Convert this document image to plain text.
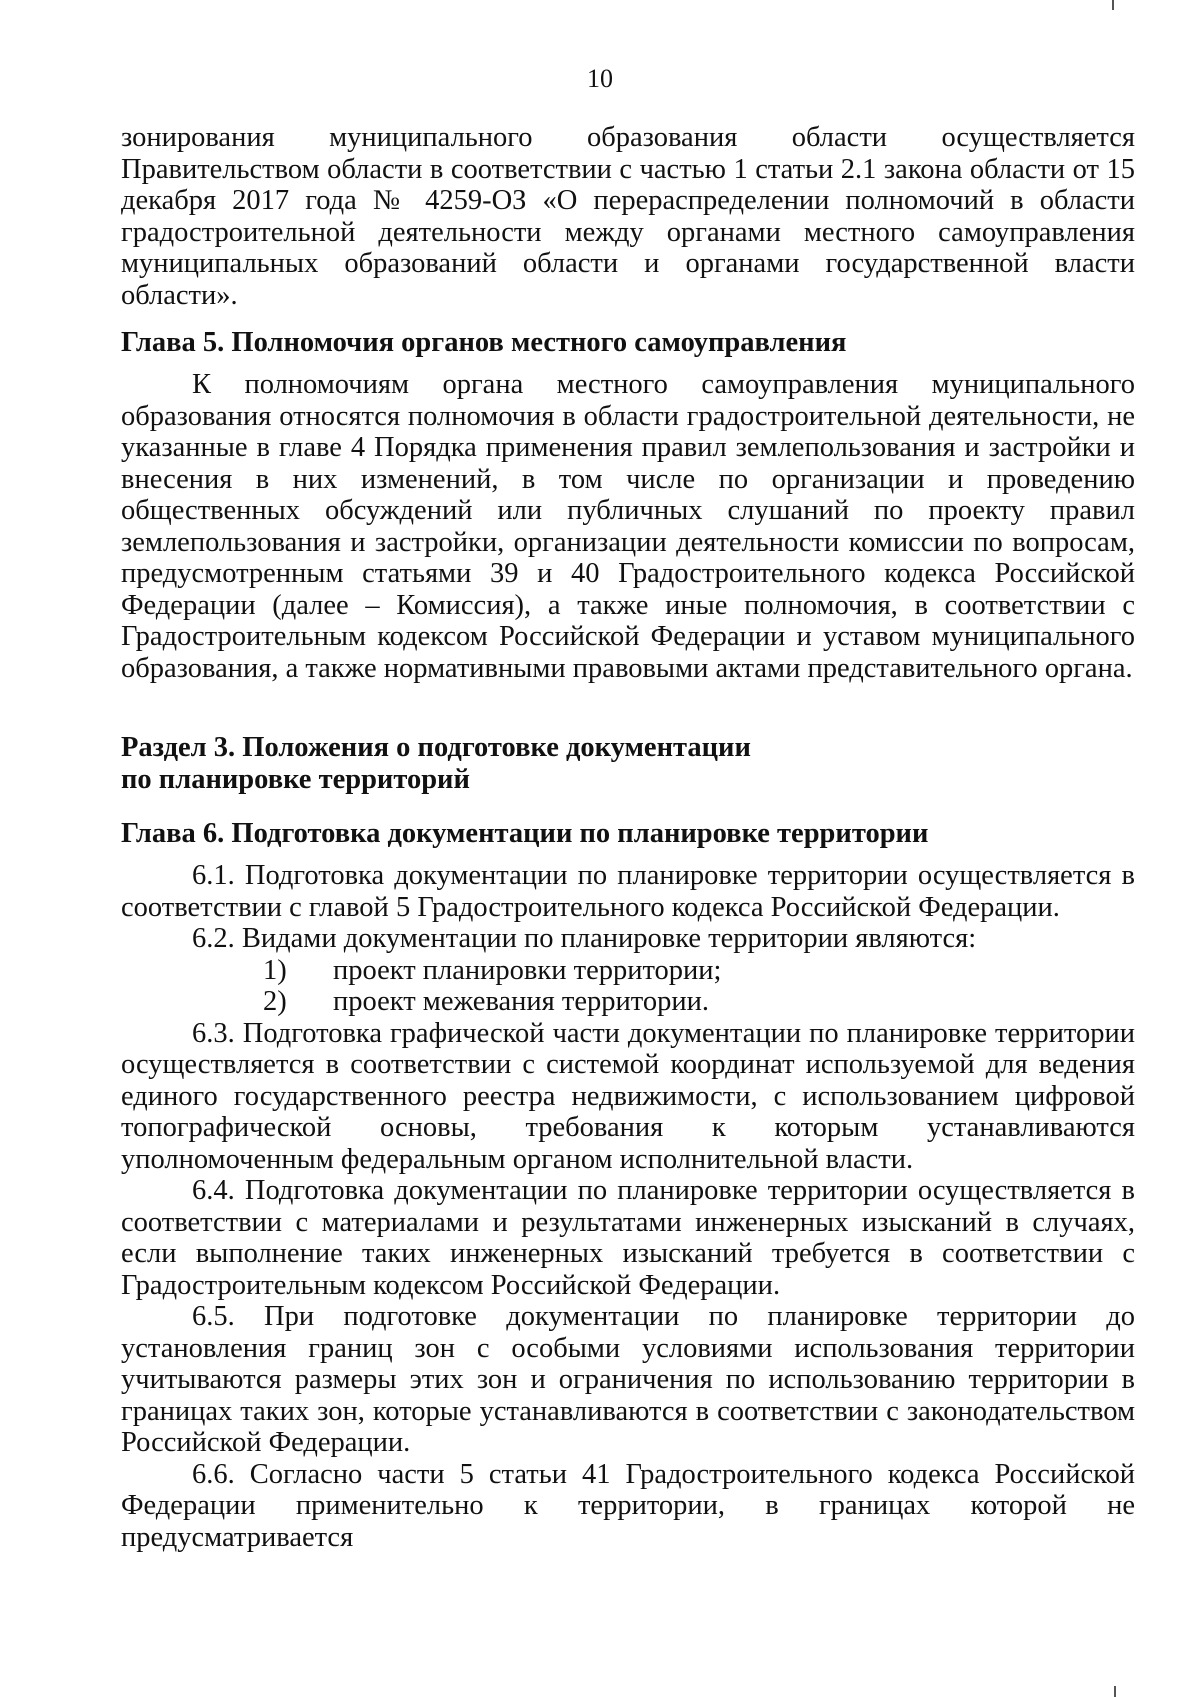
10

зонирования муниципального образования области осуществляется Правительством области в соответствии с частью 1 статьи 2.1 закона области от 15 декабря 2017 года № 4259-ОЗ «О перераспределении полномочий в области градостроительной деятельности между органами местного самоуправления муниципальных образований области и органами государственной власти области».

Глава 5. Полномочия органов местного самоуправления

К полномочиям органа местного самоуправления муниципального образования относятся полномочия в области градостроительной деятельности, не указанные в главе 4 Порядка применения правил землепользования и застройки и внесения в них изменений, в том числе по организации и проведению общественных обсуждений или публичных слушаний по проекту правил землепользования и застройки, организации деятельности комиссии по вопросам, предусмотренным статьями 39 и 40 Градостроительного кодекса Российской Федерации (далее – Комиссия), а также иные полномочия, в соответствии с Градостроительным кодексом Российской Федерации и уставом муниципального образования, а также нормативными правовыми актами представительного органа.

Раздел 3. Положения о подготовке документации

по планировке территорий

Глава 6. Подготовка документации по планировке территории

6.1. Подготовка документации по планировке территории осуществляется в соответствии с главой 5 Градостроительного кодекса Российской Федерации.

6.2. Видами документации по планировке территории являются:

1)	проект планировки территории;
2)	проект межевания территории.

6.3. Подготовка графической части документации по планировке территории осуществляется в соответствии с системой координат используемой для ведения единого государственного реестра недвижимости, с использованием цифровой топографической основы, требования к которым устанавливаются уполномоченным федеральным органом исполнительной власти.

6.4. Подготовка документации по планировке территории осуществляется в соответствии с материалами и результатами инженерных изысканий в случаях, если выполнение таких инженерных изысканий требуется в соответствии с Градостроительным кодексом Российской Федерации.

6.5. При подготовке документации по планировке территории до установления границ зон с особыми условиями использования территории учитываются размеры этих зон и ограничения по использованию территории в границах таких зон, которые устанавливаются в соответствии с законодательством Российской Федерации.

6.6. Согласно части 5 статьи 41 Градостроительного кодекса Российской Федерации применительно к территории, в границах которой не предусматривается
